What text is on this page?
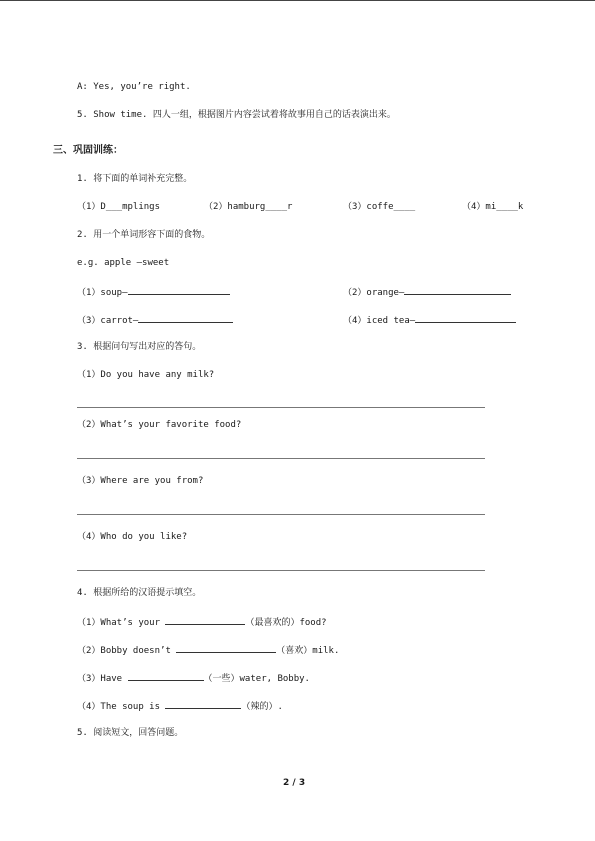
A: Yes, you’re right.
5. Show time. 四人一组，根据图片内容尝试着将故事用自己的话表演出来。
三、巩固训练：
1. 将下面的单词补充完整。
（1）D___mplings	（2）hamburg____r	（3）coffe____	（4）mi____k
2. 用一个单词形容下面的食物。
e.g. apple —sweet
（1）soup—	（2）orange—
（3）carrot—	（4）iced tea—
3. 根据问句写出对应的答句。
（1）Do you have any milk?
（2）What’s your favorite food?
（3）Where are you from?
（4）Who do you like?
4. 根据所给的汉语提示填空。
（1）What’s your	（最喜欢的）food?
（2）Bobby doesn’t	（喜欢）milk.
（3）Have	（一些）water, Bobby.
（4）The soup is	（辣的）.
5. 阅读短文，回答问题。
2 / 3
